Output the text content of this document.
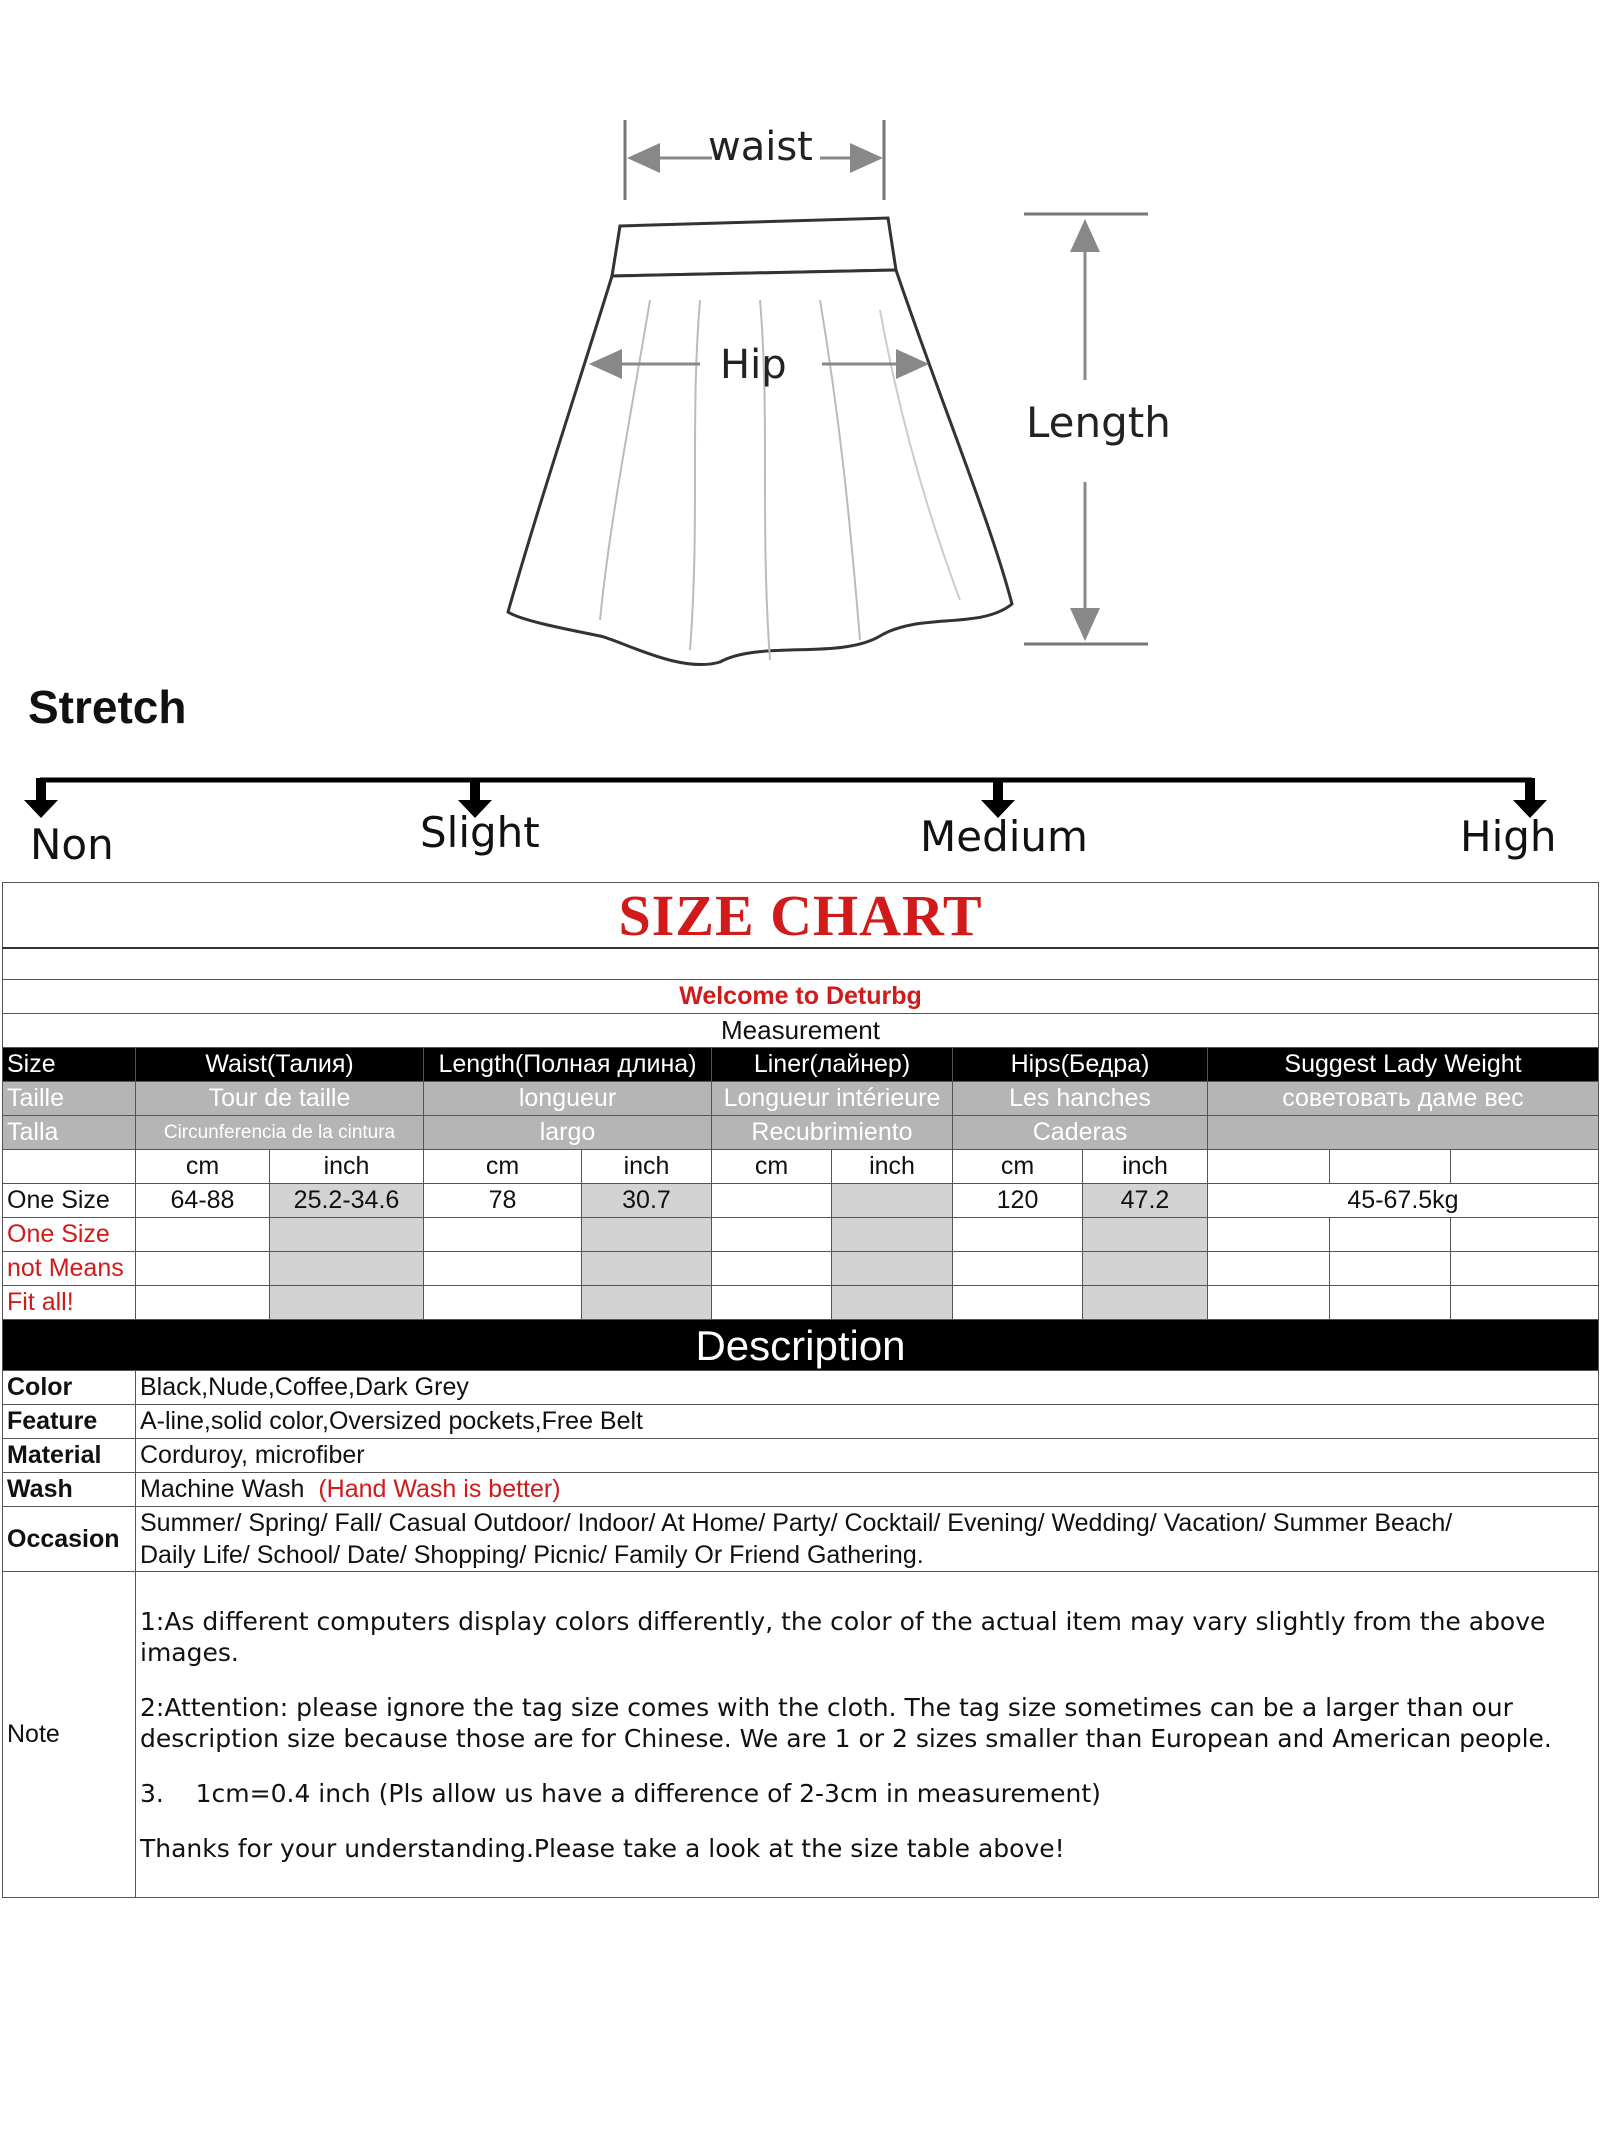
waist
Hip
Length
Stretch
Non	Slight	Medium	High
SIZE CHART											

Welcome to Deturbg											
Measurement											
Size	Waist(Талия)		Length(Полная длина)		Liner(лайнер)		Hips(Бедра)		Suggest Lady Weight		
Taille	Tour de taille		longueur		Longueur intérieure		Les hanches		советовать даме вес		
Talla	Circunferencia de la cintura		largo		Recubrimiento		Caderas				
	cm	inch	cm	inch	cm	inch	cm	inch			
One Size	64-88	25.2-34.6	78	30.7			120	47.2	45-67.5kg		
One Size											
not Means											
Fit all!											
Description											
Color	Black,Nude,Coffee,Dark Grey										
Feature	A-line,solid color,Oversized pockets,Free Belt										
Material	Corduroy, microfiber										
Wash	Machine Wash (Hand Wash is better)										
Occasion	Summer/ Spring/ Fall/ Casual Outdoor/ Indoor/ At Home/ Party/ Cocktail/ Evening/ Wedding/ Vacation/ Summer Beach/
Daily Life/ School/ Date/ Shopping/ Picnic/ Family Or Friend Gathering.										

Note	1:As different computers display colors differently, the color of the actual item may vary slightly from the above images.

2:Attention: please ignore the tag size comes with the cloth. The tag size sometimes can be a larger than our description size because those are for Chinese. We are 1 or 2 sizes smaller than European and American people.

3.    1cm=0.4 inch (Pls allow us have a difference of 2-3cm in measurement)

Thanks for your understanding.Please take a look at the size table above!										
